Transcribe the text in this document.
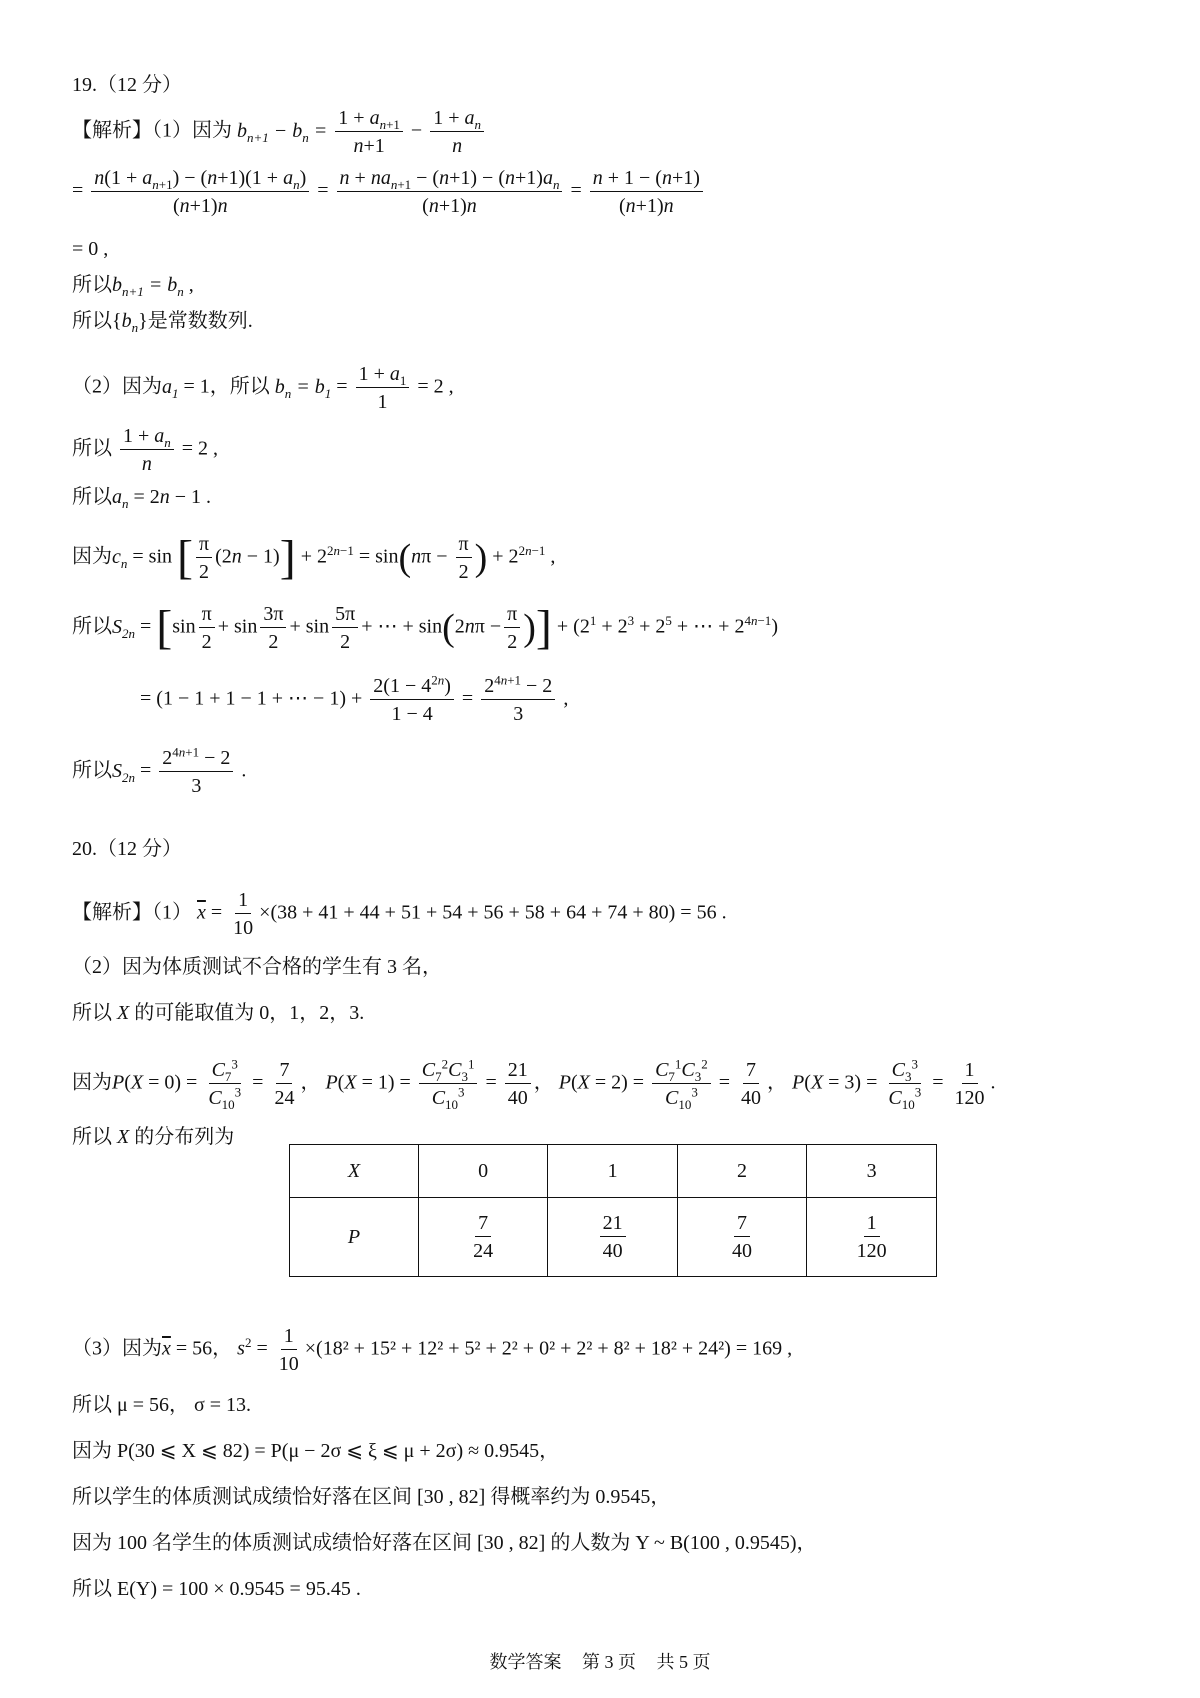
19.（12 分）
【解析】（1）因为 $b_{n+1} - b_n = \frac{1 + a_{n+1}}{n+1} - \frac{1 + a_n}{n}$
= $\frac{n(1 + a_{n+1}) - (n+1)(1 + a_n)}{(n+1)n} = \frac{n + na_{n+1} - (n+1) - (n+1)a_n}{(n+1)n} = \frac{n + 1 - (n+1)}{(n+1)n}$
= 0 ,
所以$b_{n+1} = b_n$ ,
所以$\{b_n\}$是常数数列.
（2）因为$a_1 = 1$，所以 $b_n = b_1 = \frac{1 + a_1}{1} = 2$ ,
所以 $\frac{1 + a_n}{n} = 2$ ,
所以$a_n = 2n - 1$ .
因为$c_n = \sin$ [ $\frac{\pi}{2} (2n - 1)] + 2^{2n-1} = \sin(n\pi - \frac{\pi}{2}$ ) + $2^{2n-1}$ ,
所以$S_{2n} = [\sin \frac{\pi}{2} + \sin \frac{3\pi}{2} + \sin \frac{5\pi}{2}$ + ⋯ + $\sin(2n\pi - \frac{\pi}{2}$ )] + ($2^1 + 2^3 + 2^5$ + ⋯ + $2^{4n-1}$)
= (1 − 1 + 1 − 1 + ⋯ − $1) + \frac{2(1 - 4^{2n})}{1 - 4} = \frac{2^{4n+1} - 2}{3}$ ,
所以$S_{2n} = \frac{2^{4n+1} - 2}{3}$ .
20.（12 分）
【解析】（1） $\overline{x} = \frac{1}{10} \times(38 + 41 + 44 + 51 + 54 + 56 + 58 + 64 + 74 + 80) = 56$ .
（2）因为体质测试不合格的学生有 3 名，
所以 X 的可能取值为 0，1，2，3.
因为$P(X = 0) = \frac{C_7^3}{C_{10}^3} = \frac{7}{24}$ ， $P(X = 1) = \frac{C_7^2C_3^1}{C_{10}^3} = \frac{21}{40}$ ， $P(X = 2) = \frac{C_7^1C_3^2}{C_{10}^3} = \frac{7}{40}$ ， $P(X = 3) = \frac{C_3^3}{C_{10}^3} = \frac{1}{120}$ .
所以 X 的分布列为
X	0	1	2	3
P	$\frac{7}{24}$	$\frac{21}{40}$	$\frac{7}{40}$	$\frac{1}{120}$
（3）因为$\overline{x} = 56$， $s^2 = \frac{1}{10} \times(18^2 + 15^2 + 12^2 + 5^2 + 2^2 + 0^2 + 2^2 + 8^2 + 18^2 + 24^2) = 169$ ,
所以 μ = 56， σ = 13.
因为 P(30 ⩽ X ⩽ 82) = P(μ − 2σ ⩽ ξ ⩽ μ + 2σ) ≈ 0.9545，
所以学生的体质测试成绩恰好落在区间 [30 , 82] 得概率约为 0.9545，
因为 100 名学生的体质测试成绩恰好落在区间 [30 , 82] 的人数为 Y ~ B(100 , 0.9545)，
所以 E(Y) = 100 × 0.9545 = 95.45 .
数学答案 第 3 页 共 5 页
